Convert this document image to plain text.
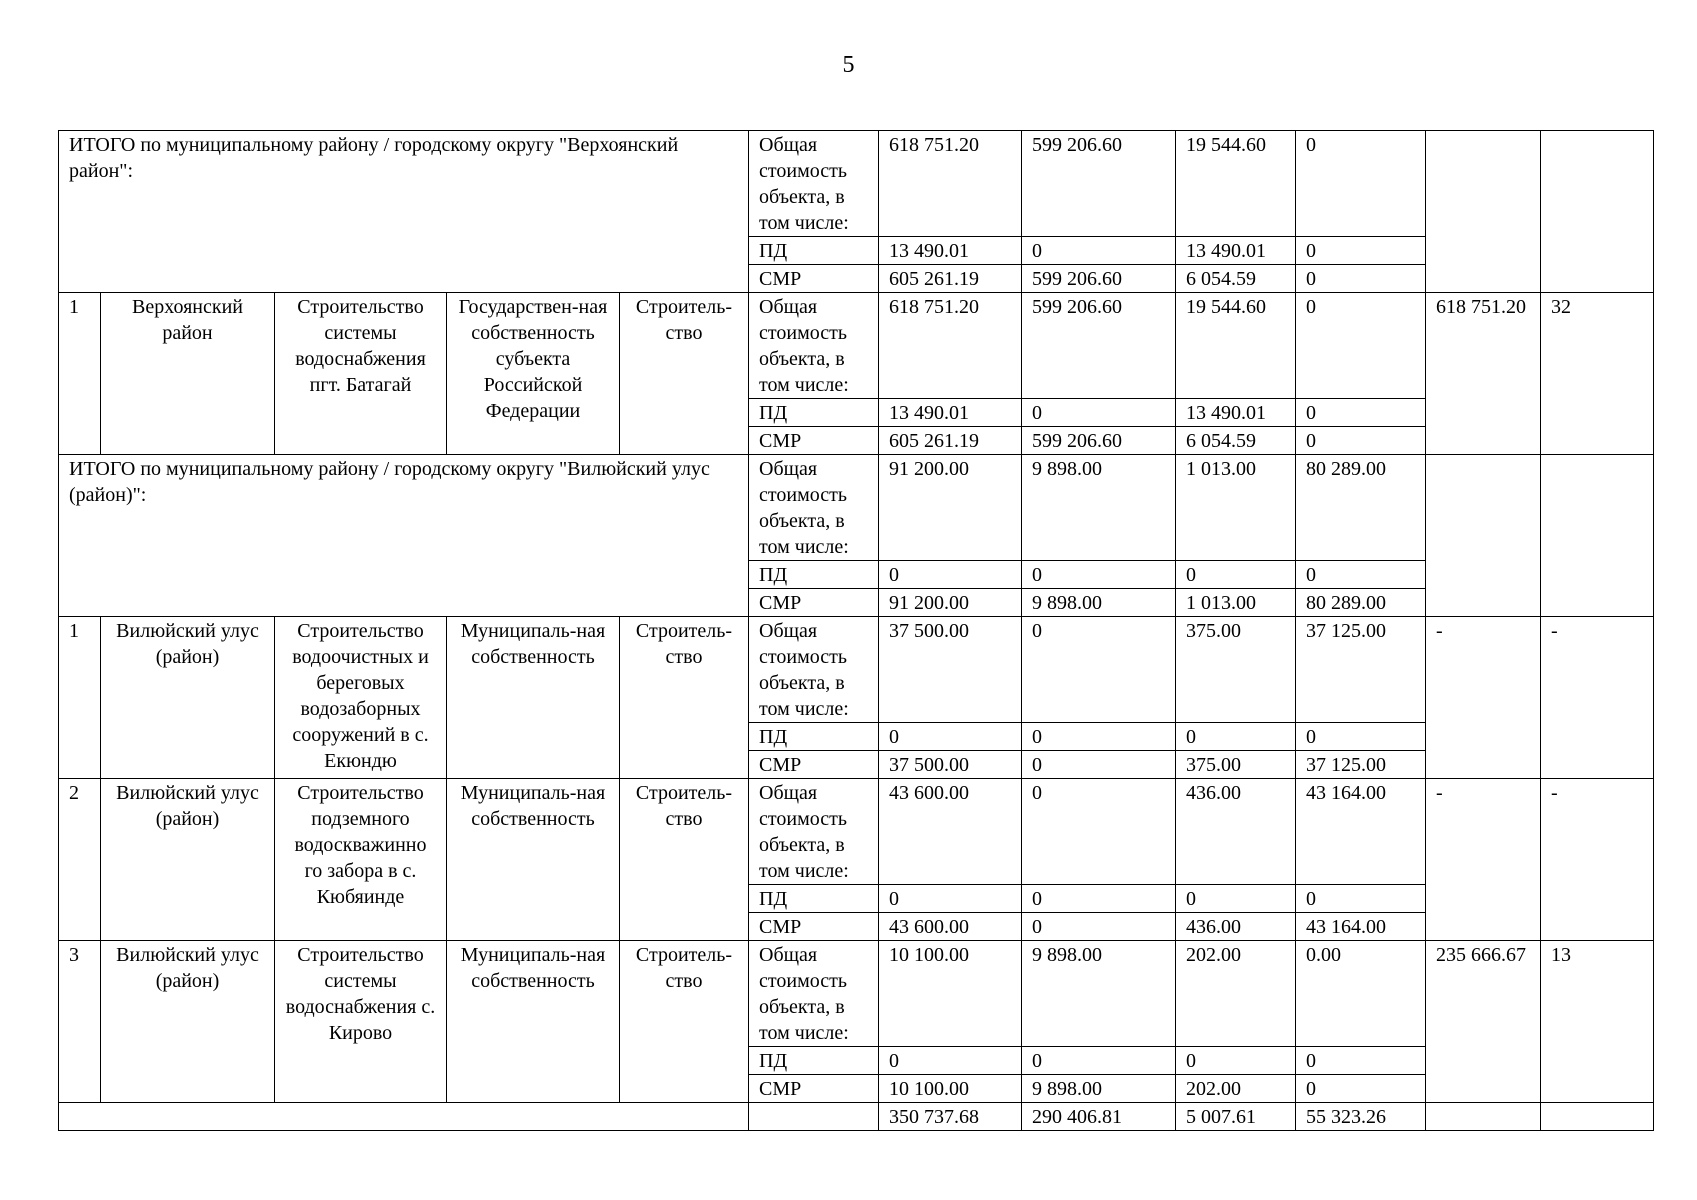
5
ИТОГО по муниципальному району / городскому округу "Верхоянский район":					Общая стоимость объекта, в том числе:	618 751.20	599 206.60	19 544.60	0		
					ПД	13 490.01	0	13 490.01	0		
					СМР	605 261.19	599 206.60	6 054.59	0		
1	Верхоянский район	Строительство системы водоснабжения пгт. Батагай	Государствен-ная собственность субъекта Российской Федерации	Строитель-ство	Общая стоимость объекта, в том числе:	618 751.20	599 206.60	19 544.60	0	618 751.20	32
					ПД	13 490.01	0	13 490.01	0		
					СМР	605 261.19	599 206.60	6 054.59	0		
ИТОГО по муниципальному району / городскому округу "Вилюйский улус (район)":					Общая стоимость объекта, в том числе:	91 200.00	9 898.00	1 013.00	80 289.00		
					ПД	0	0	0	0		
					СМР	91 200.00	9 898.00	1 013.00	80 289.00		
1	Вилюйский улус (район)	Строительство водоочистных и береговых водозаборных сооружений в с. Екюндю	Муниципаль-ная собственность	Строитель-ство	Общая стоимость объекта, в том числе:	37 500.00	0	375.00	37 125.00	-	-
					ПД	0	0	0	0		
					СМР	37 500.00	0	375.00	37 125.00		
2	Вилюйский улус (район)	Строительство подземного водоскважинно го забора в с. Кюбяинде	Муниципаль-ная собственность	Строитель-ство	Общая стоимость объекта, в том числе:	43 600.00	0	436.00	43 164.00	-	-
					ПД	0	0	0	0		
					СМР	43 600.00	0	436.00	43 164.00		
3	Вилюйский улус (район)	Строительство системы водоснабжения с. Кирово	Муниципаль-ная собственность	Строитель-ство	Общая стоимость объекта, в том числе:	10 100.00	9 898.00	202.00	0.00	235 666.67	13
					ПД	0	0	0	0		
					СМР	10 100.00	9 898.00	202.00	0		
						350 737.68	290 406.81	5 007.61	55 323.26		
